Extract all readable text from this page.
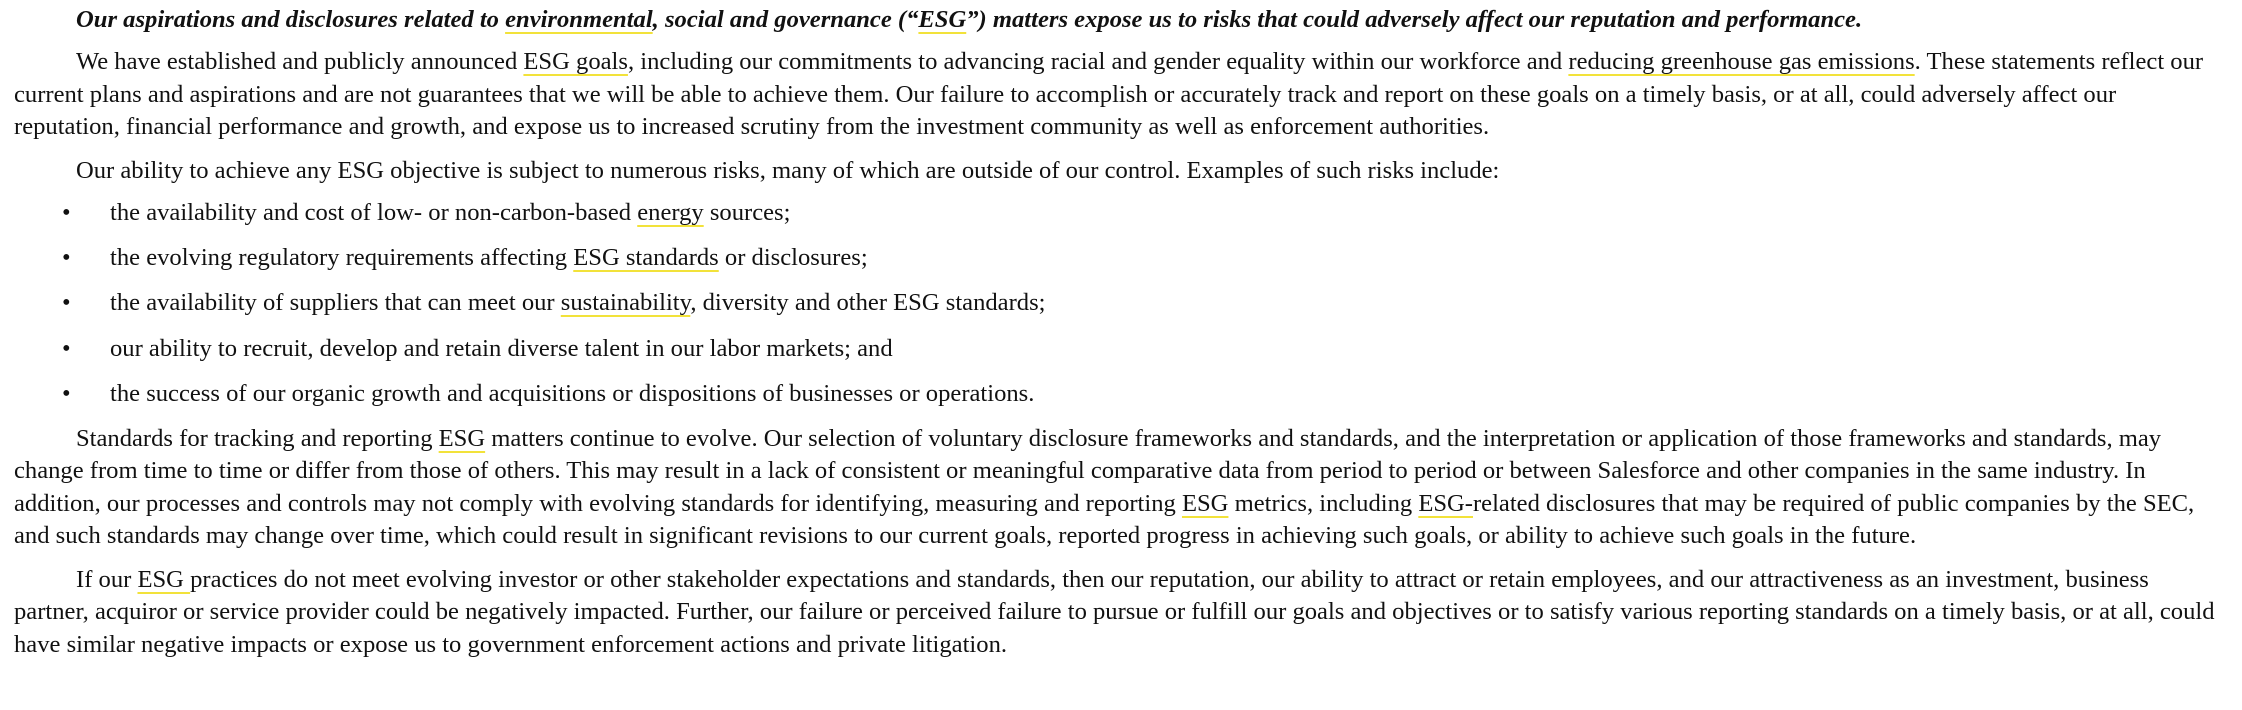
Our aspirations and disclosures related to environmental, social and governance (“ESG”) matters expose us to risks that could adversely affect our reputation and performance.

We have established and publicly announced ESG goals, including our commitments to advancing racial and gender equality within our workforce and reducing greenhouse gas emissions. These statements reflect our current plans and aspirations and are not guarantees that we will be able to achieve them. Our failure to accomplish or accurately track and report on these goals on a timely basis, or at all, could adversely affect our reputation, financial performance and growth, and expose us to increased scrutiny from the investment community as well as enforcement authorities.

Our ability to achieve any ESG objective is subject to numerous risks, many of which are outside of our control. Examples of such risks include:

• the availability and cost of low- or non-carbon-based energy sources;
• the evolving regulatory requirements affecting ESG standards or disclosures;
• the availability of suppliers that can meet our sustainability, diversity and other ESG standards;
• our ability to recruit, develop and retain diverse talent in our labor markets; and
• the success of our organic growth and acquisitions or dispositions of businesses or operations.

Standards for tracking and reporting ESG matters continue to evolve. Our selection of voluntary disclosure frameworks and standards, and the interpretation or application of those frameworks and standards, may change from time to time or differ from those of others. This may result in a lack of consistent or meaningful comparative data from period to period or between Salesforce and other companies in the same industry. In addition, our processes and controls may not comply with evolving standards for identifying, measuring and reporting ESG metrics, including ESG-related disclosures that may be required of public companies by the SEC, and such standards may change over time, which could result in significant revisions to our current goals, reported progress in achieving such goals, or ability to achieve such goals in the future.

If our ESG practices do not meet evolving investor or other stakeholder expectations and standards, then our reputation, our ability to attract or retain employees, and our attractiveness as an investment, business partner, acquiror or service provider could be negatively impacted. Further, our failure or perceived failure to pursue or fulfill our goals and objectives or to satisfy various reporting standards on a timely basis, or at all, could have similar negative impacts or expose us to government enforcement actions and private litigation.
